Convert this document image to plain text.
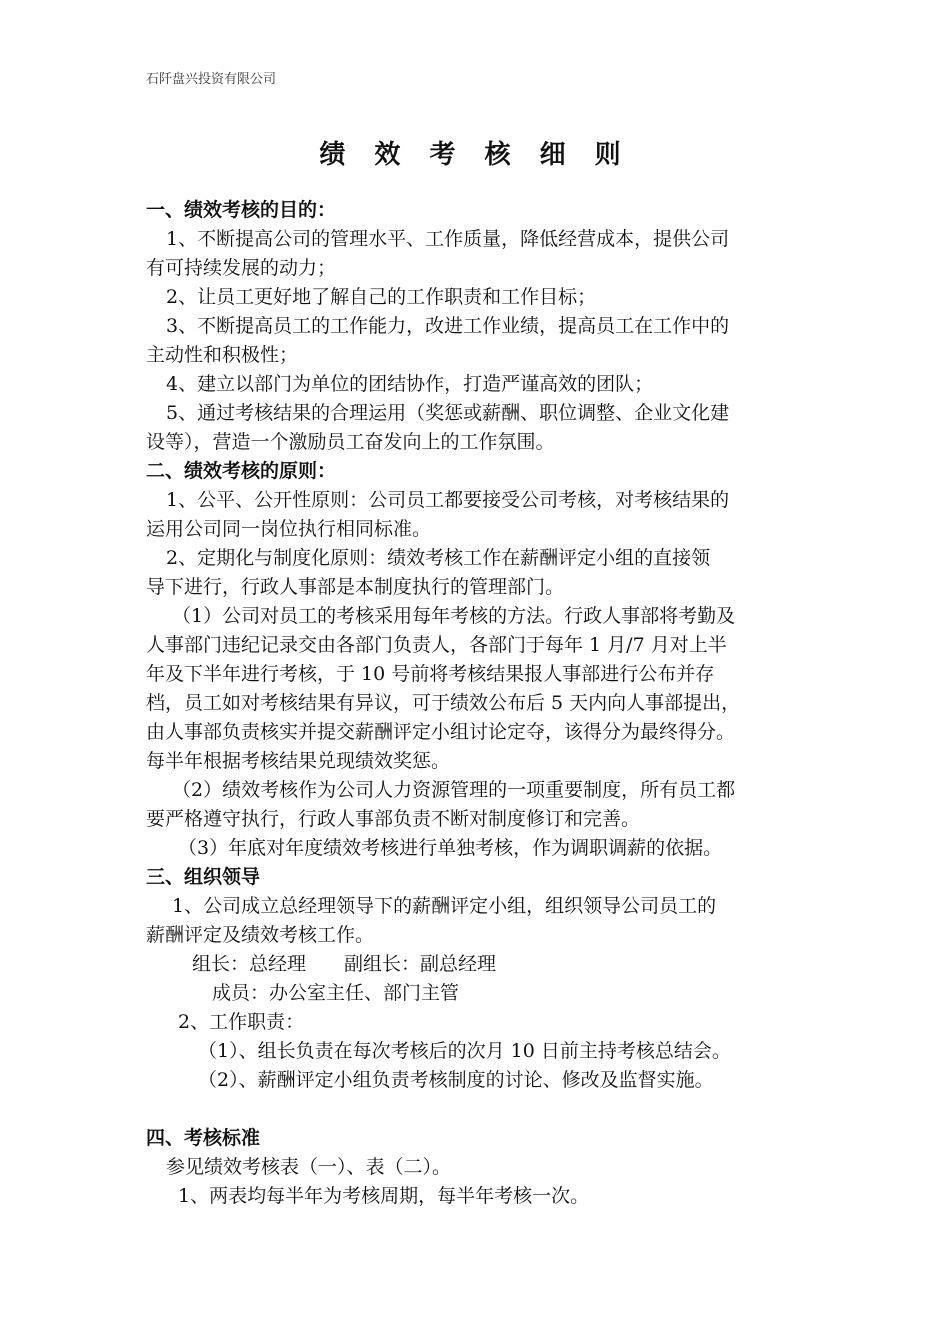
石阡盘兴投资有限公司
绩 效 考 核 细 则
一、绩效考核的目的：
1、不断提高公司的管理水平、工作质量，降低经营成本，提供公司
有可持续发展的动力；
2、让员工更好地了解自己的工作职责和工作目标；
3、不断提高员工的工作能力，改进工作业绩，提高员工在工作中的
主动性和积极性；
4、建立以部门为单位的团结协作，打造严谨高效的团队；
5、通过考核结果的合理运用（奖惩或薪酬、职位调整、企业文化建
设等），营造一个激励员工奋发向上的工作氛围。
二、绩效考核的原则：
1、公平、公开性原则：公司员工都要接受公司考核，对考核结果的
运用公司同一岗位执行相同标准。
2、定期化与制度化原则：绩效考核工作在薪酬评定小组的直接领
导下进行，行政人事部是本制度执行的管理部门。
（1）公司对员工的考核采用每年考核的方法。行政人事部将考勤及
人事部门违纪记录交由各部门负责人，各部门于每年 1 月/7 月对上半
年及下半年进行考核，于 10 号前将考核结果报人事部进行公布并存
档，员工如对考核结果有异议，可于绩效公布后 5 天内向人事部提出，
由人事部负责核实并提交薪酬评定小组讨论定夺，该得分为最终得分。
每半年根据考核结果兑现绩效奖惩。
（2）绩效考核作为公司人力资源管理的一项重要制度，所有员工都
要严格遵守执行，行政人事部负责不断对制度修订和完善。
（3）年底对年度绩效考核进行单独考核，作为调职调薪的依据。
三、组织领导
1、公司成立总经理领导下的薪酬评定小组，组织领导公司员工的
薪酬评定及绩效考核工作。
组长：总经理　　副组长：副总经理
成员：办公室主任、部门主管
2、工作职责：
（1）、组长负责在每次考核后的次月 10 日前主持考核总结会。
（2）、薪酬评定小组负责考核制度的讨论、修改及监督实施。
四、考核标准
参见绩效考核表（一）、表（二）。
1、两表均每半年为考核周期，每半年考核一次。
